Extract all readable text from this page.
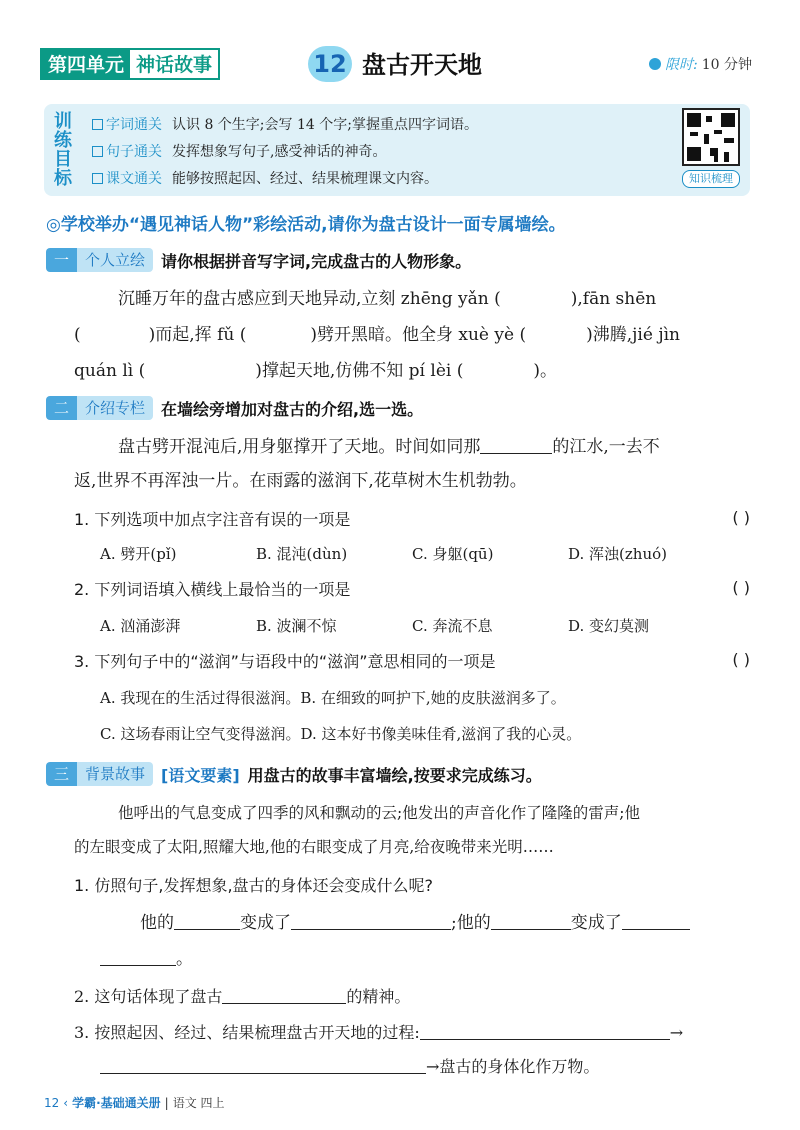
第四单元 神话故事	12 盘古开天地	限时: 10 分钟
训练目标
字词通关 认识 8 个生字;会写 14 个字;掌握重点四字词语。
句子通关 发挥想象写句子,感受神话的神奇。
课文通关 能够按照起因、经过、结果梳理课文内容。	知识梳理
◎学校举办“遇见神话人物”彩绘活动,请你为盘古设计一面专属墙绘。
一	个人立绘	请你根据拼音写字词,完成盘古的人物形象。
沉睡万年的盘古感应到天地异动,立刻 zhēng yǎn (	),fān shēn
(	)而起,挥 fǔ (	)劈开黑暗。他全身 xuè yè (	)沸腾,jié jìn
quán lì (	)撑起天地,仿佛不知 pí lèi (	)。
二	介绍专栏	在墙绘旁增加对盘古的介绍,选一选。
盘古劈开混沌后,用身躯撑开了天地。时间如同那	的江水,一去不
返,世界不再浑浊一片。在雨露的滋润下,花草树木生机勃勃。
1. 下列选项中加点字注音有误的一项是	( )
A. 劈开(pǐ)	B. 混沌(dùn)	C. 身躯(qū)	D. 浑浊(zhuó)
2. 下列词语填入横线上最恰当的一项是	( )
A. 汹涌澎湃	B. 波澜不惊	C. 奔流不息	D. 变幻莫测
3. 下列句子中的“滋润”与语段中的“滋润”意思相同的一项是	( )
A. 我现在的生活过得很滋润。B. 在细致的呵护下,她的皮肤滋润多了。
C. 这场春雨让空气变得滋润。D. 这本好书像美味佳肴,滋润了我的心灵。
三	背景故事	[语文要素] 用盘古的故事丰富墙绘,按要求完成练习。
他呼出的气息变成了四季的风和飘动的云;他发出的声音化作了隆隆的雷声;他
的左眼变成了太阳,照耀大地,他的右眼变成了月亮,给夜晚带来光明……
1. 仿照句子,发挥想象,盘古的身体还会变成什么呢?
他的	变成了	;他的	变成了
。
2. 这句话体现了盘古	的精神。
3. 按照起因、经过、结果梳理盘古开天地的过程:	→
→盘古的身体化作万物。
12 ‹ 学霸·基础通关册 | 语文 四上
